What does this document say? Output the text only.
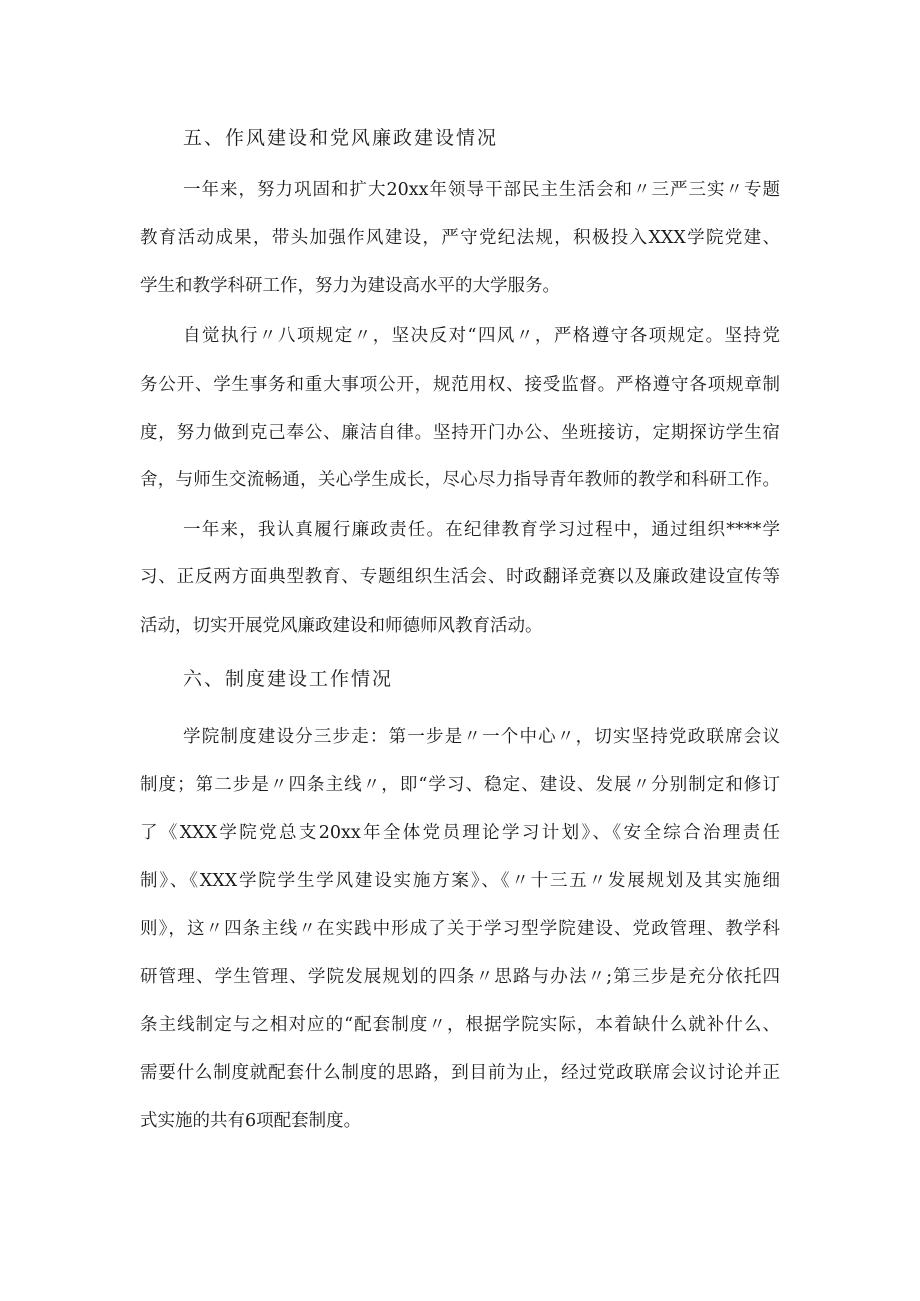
五、作风建设和党风廉政建设情况

一年来，努力巩固和扩大20xx年领导干部民主生活会和〃三严三实〃专题

教育活动成果，带头加强作风建设，严守党纪法规，积极投入XXX学院党建、

学生和教学科研工作，努力为建设高水平的大学服务。

自觉执行〃八项规定〃，坚决反对“四风〃，严格遵守各项规定。坚持党

务公开、学生事务和重大事项公开，规范用权、接受监督。严格遵守各项规章制

度，努力做到克己奉公、廉洁自律。坚持开门办公、坐班接访，定期探访学生宿

舍，与师生交流畅通，关心学生成长，尽心尽力指导青年教师的教学和科研工作。

一年来，我认真履行廉政责任。在纪律教育学习过程中，通过组织****学

习、正反两方面典型教育、专题组织生活会、时政翻译竞赛以及廉政建设宣传等

活动，切实开展党风廉政建设和师德师风教育活动。

六、制度建设工作情况

学院制度建设分三步走：第一步是〃一个中心〃，切实坚持党政联席会议

制度；第二步是〃四条主线〃，即“学习、稳定、建设、发展〃分别制定和修订

了《XXX学院党总支20xx年全体党员理论学习计划》、《安全综合治理责任

制》、《XXX学院学生学风建设实施方案》、《〃十三五〃发展规划及其实施细

则》，这〃四条主线〃在实践中形成了关于学习型学院建设、党政管理、教学科

研管理、学生管理、学院发展规划的四条〃思路与办法〃;第三步是充分依托四

条主线制定与之相对应的“配套制度〃，根据学院实际，本着缺什么就补什么、

需要什么制度就配套什么制度的思路，到目前为止，经过党政联席会议讨论并正

式实施的共有6项配套制度。
